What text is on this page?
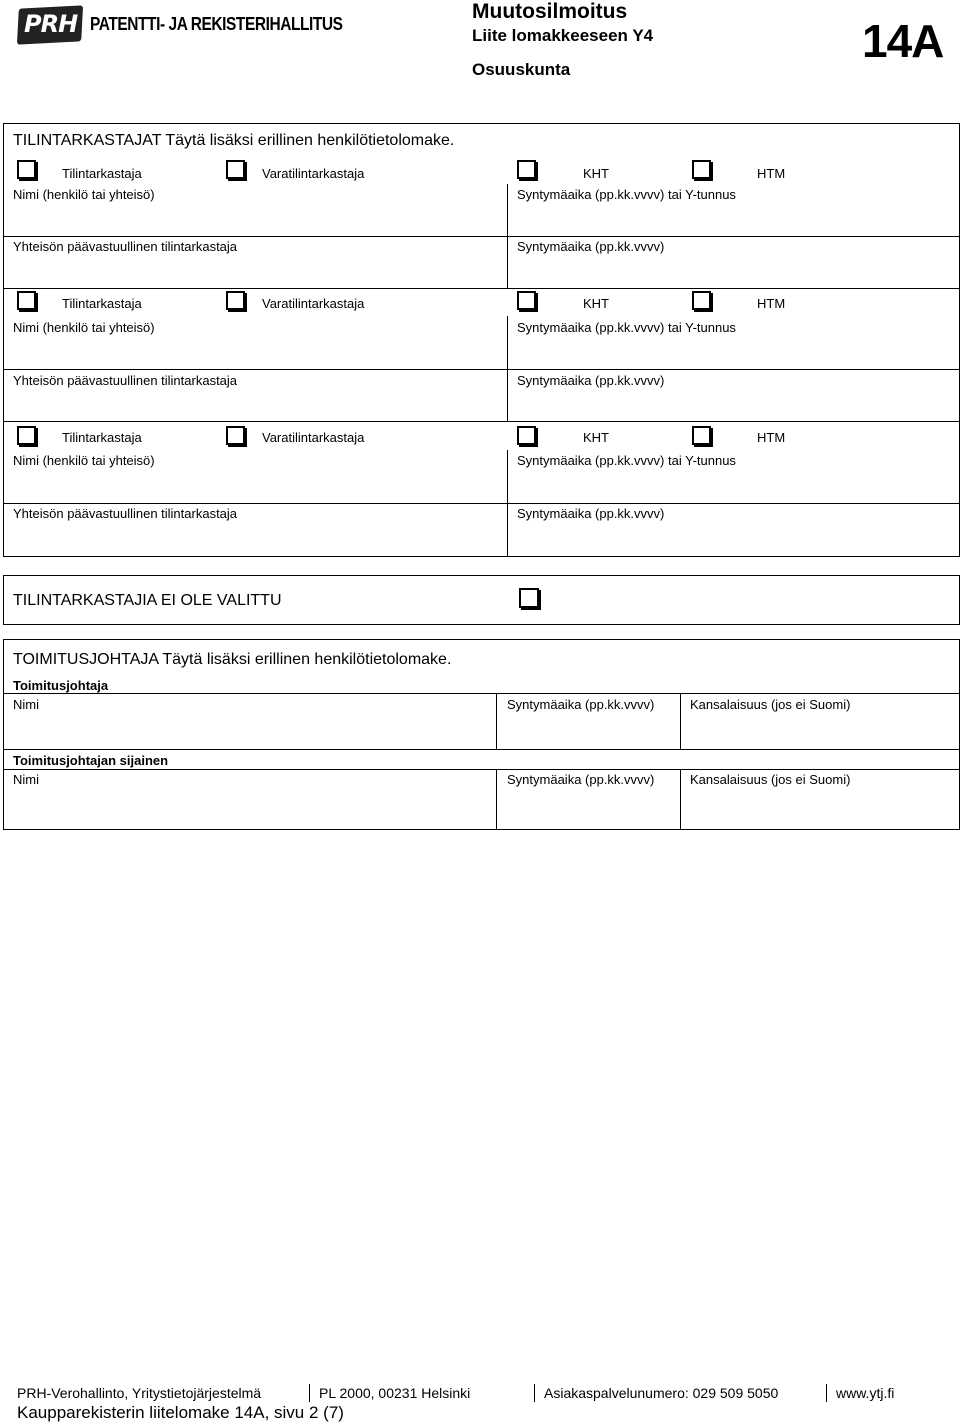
PRH PATENTTI- JA REKISTERIHALLITUS
Muutosilmoitus
Liite lomakkeeseen Y4
Osuuskunta
14A
TILINTARKASTAJAT Täytä lisäksi erillinen henkilötietolomake.
Tilintarkastaja	Varatilintarkastaja	KHT	HTM
Nimi (henkilö tai yhteisö)	Syntymäaika (pp.kk.vvvv) tai Y-tunnus
Yhteisön päävastuullinen tilintarkastaja	Syntymäaika (pp.kk.vvvv)
Tilintarkastaja	Varatilintarkastaja	KHT	HTM
Nimi (henkilö tai yhteisö)	Syntymäaika (pp.kk.vvvv) tai Y-tunnus
Yhteisön päävastuullinen tilintarkastaja	Syntymäaika (pp.kk.vvvv)
Tilintarkastaja	Varatilintarkastaja	KHT	HTM
Nimi (henkilö tai yhteisö)	Syntymäaika (pp.kk.vvvv) tai Y-tunnus
Yhteisön päävastuullinen tilintarkastaja	Syntymäaika (pp.kk.vvvv)
TILINTARKASTAJIA EI OLE VALITTU
TOIMITUSJOHTAJA Täytä lisäksi erillinen henkilötietolomake.
Toimitusjohtaja
Nimi	Syntymäaika (pp.kk.vvvv)	Kansalaisuus (jos ei Suomi)
Toimitusjohtajan sijainen
Nimi	Syntymäaika (pp.kk.vvvv)	Kansalaisuus (jos ei Suomi)
PRH-Verohallinto, Yritystietojärjestelmä	PL 2000, 00231 Helsinki	Asiakaspalvelunumero: 029 509 5050	www.ytj.fi
Kaupparekisterin liitelomake 14A, sivu 2 (7)
